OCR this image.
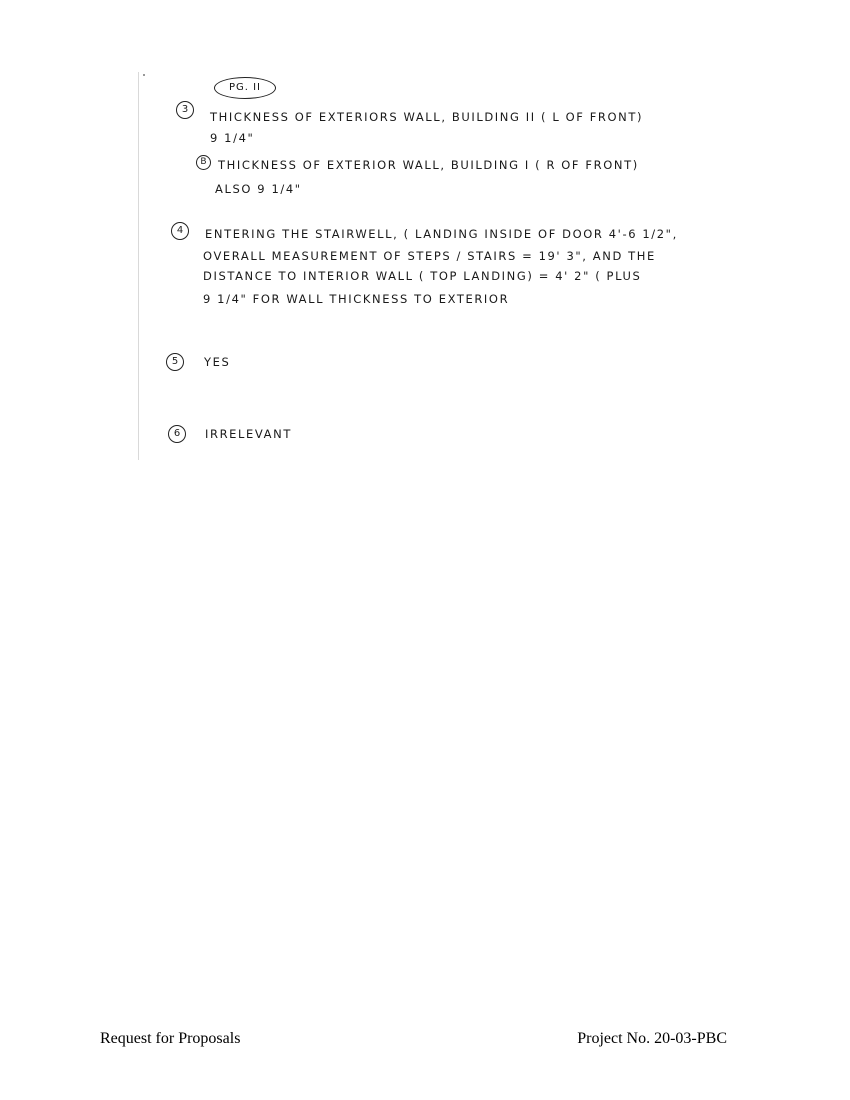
PG. II
3
THICKNESS OF EXTERIORS WALL, BUILDING II ( L OF FRONT)
9 1/4"
B THICKNESS OF EXTERIOR WALL, BUILDING I ( R OF FRONT)
ALSO 9 1/4"
4	ENTERING THE STAIRWELL, ( LANDING INSIDE OF DOOR 4'-6 1/2",
OVERALL MEASUREMENT OF STEPS / STAIRS = 19' 3", AND THE
DISTANCE TO INTERIOR WALL ( TOP LANDING) = 4' 2" ( PLUS
9 1/4" FOR WALL THICKNESS TO EXTERIOR
5	YES
6	IRRELEVANT
Request for Proposals	Project No. 20-03-PBC
